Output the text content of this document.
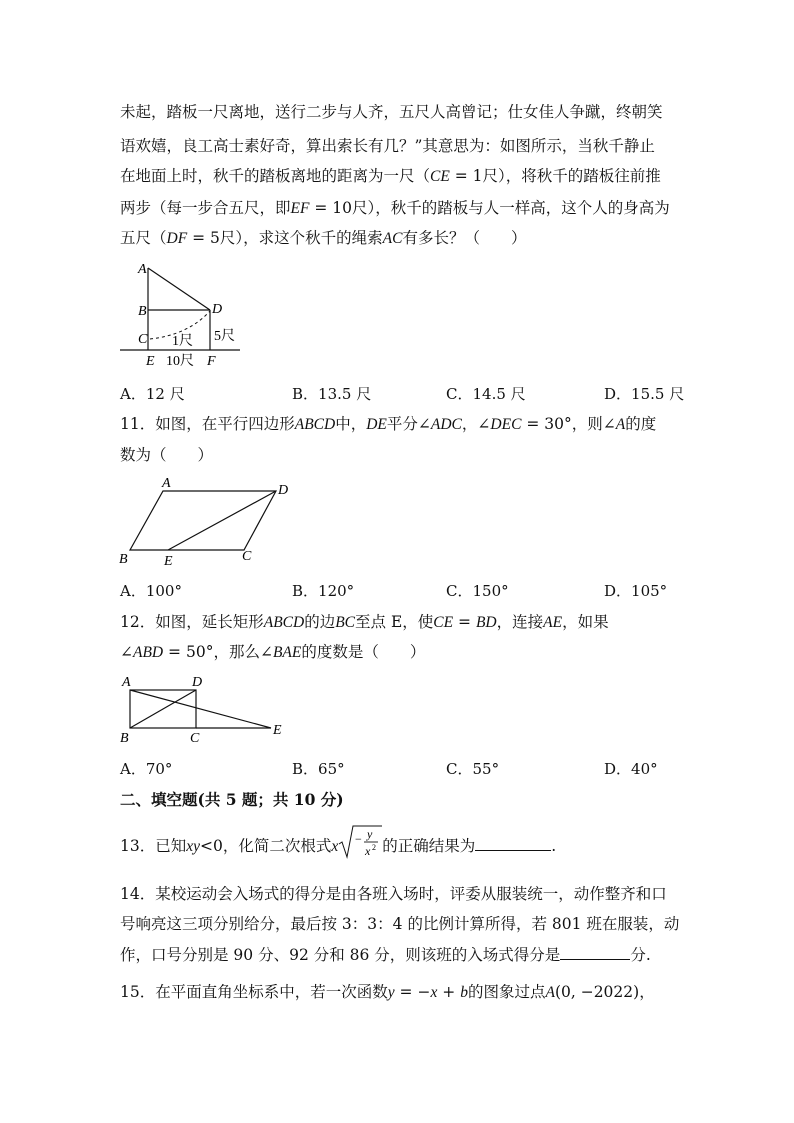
未起，踏板一尺离地，送行二步与人齐，五尺人高曾记；仕女佳人争蹴，终朝笑
语欢嬉，良工高士素好奇，算出索长有几？”其意思为：如图所示，当秋千静止
在地面上时，秋千的踏板离地的距离为一尺（CE = 1尺），将秋千的踏板往前推
两步（每一步合五尺，即EF = 10尺），秋千的踏板与人一样高，这个人的身高为
五尺（DF = 5尺），求这个秋千的绳索AC有多长？（　　）
A
B
C
D
E	F
1尺 5尺
10尺
A．12 尺	B．13.5 尺	C．14.5 尺	D．15.5 尺
11．如图，在平行四边形ABCD中，DE平分∠ADC，∠DEC = 30°，则∠A的度
数为（　　）
A	D
B	E	C
A．100°	B．120°	C．150°	D．105°
12．如图，延长矩形ABCD的边BC至点 E，使CE = BD，连接AE，如果
∠ABD = 50°，那么∠BAE的度数是（　　）
A	D
B	C
E
A．70°	B．65°	C．55°	D．40°
二、填空题(共 5 题；共 10 分)
13．已知xy<0，化简二次根式x − y
x 2 的正确结果为	.
14．某校运动会入场式的得分是由各班入场时，评委从服装统一，动作整齐和口
号响亮这三项分别给分，最后按 3：3：4 的比例计算所得，若 801 班在服装，动
作，口号分别是 90 分、92 分和 86 分，则该班的入场式得分是	分.
15．在平面直角坐标系中，若一次函数y = −x + b的图象过点A(0, −2022)，
